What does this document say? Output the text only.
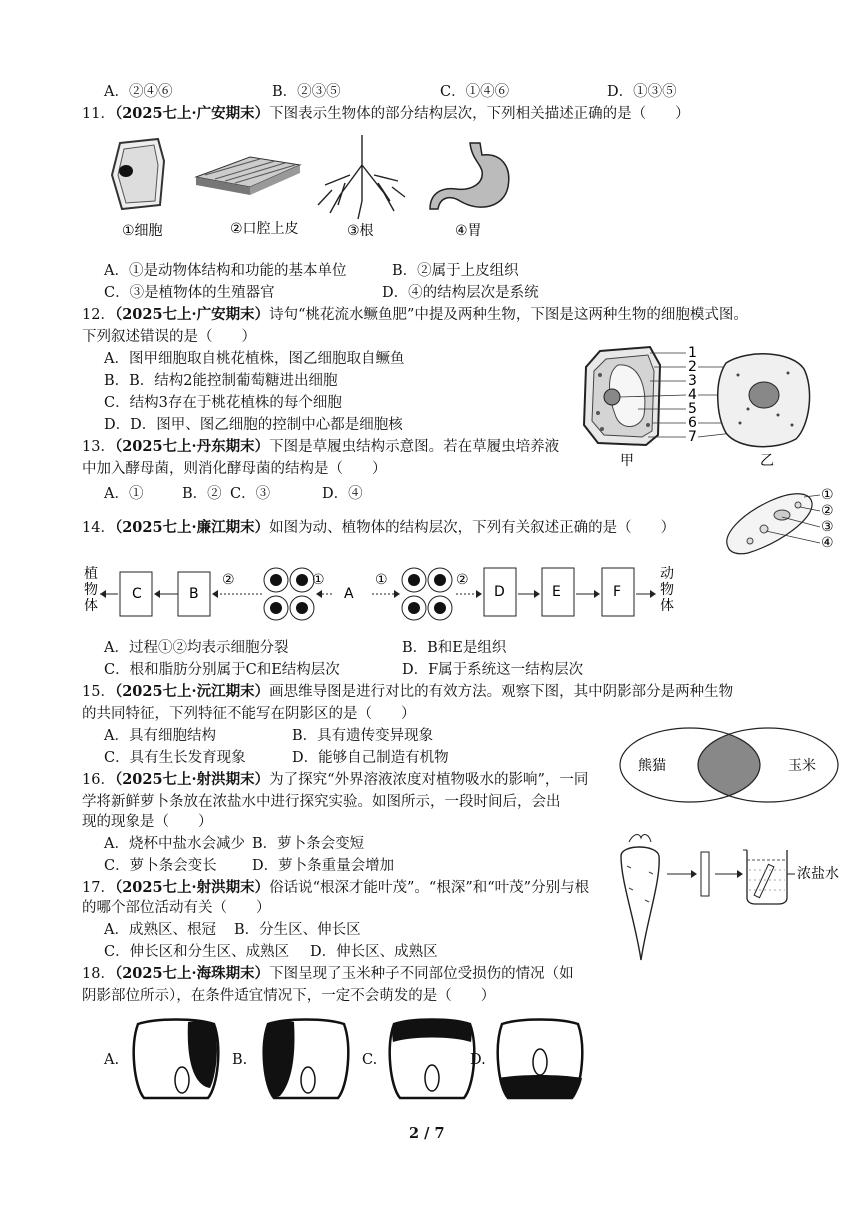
A．②④⑥	B．②③⑤	C．①④⑥	D．①③⑤
11．（2025七上·广安期末）下图表示生物体的部分结构层次，下列相关描述正确的是（　　）
①细胞	②口腔上皮	③根	④胃
A．①是动物体结构和功能的基本单位	B．②属于上皮组织
C．③是植物体的生殖器官	D．④的结构层次是系统
12．（2025七上·广安期末）诗句“桃花流水鳜鱼肥”中提及两种生物，下图是这两种生物的细胞模式图。
下列叙述错误的是（　　）
A．图甲细胞取自桃花植株，图乙细胞取自鳜鱼
B．B．结构2能控制葡萄糖进出细胞
C．结构3存在于桃花植株的每个细胞
D．D．图甲、图乙细胞的控制中心都是细胞核
1
2
3
4
5
6
7
甲	乙
13．（2025七上·丹东期末）下图是草履虫结构示意图。若在草履虫培养液
中加入酵母菌，则消化酵母菌的结构是（　　）
A．①	B．② C．③	D．④
14．（2025七上·廉江期末）如图为动、植物体的结构层次，下列有关叙述正确的是（　　）
①
②
③
④
植
物
体
C	B
②	①
A
①	②
D	E	F
动
物
体
A．过程①②均表示细胞分裂	B．B和E是组织
C．根和脂肪分别属于C和E结构层次	D．F属于系统这一结构层次
15．（2025七上·沅江期末）画思维导图是进行对比的有效方法。观察下图，其中阴影部分是两种生物
的共同特征，下列特征不能写在阴影区的是（　　）
A．具有细胞结构	B．具有遗传变异现象
C．具有生长发育现象	D．能够自己制造有机物	熊猫	玉米
16．（2025七上·射洪期末）为了探究“外界溶液浓度对植物吸水的影响”，一同
学将新鲜萝卜条放在浓盐水中进行探究实验。如图所示，一段时间后，会出
现的现象是（　　）
A．烧杯中盐水会减少 B．萝卜条会变短
C．萝卜条会变长 D．萝卜条重量会增加	浓盐水
17．（2025七上·射洪期末）俗话说“根深才能叶茂”。“根深”和“叶茂”分别与根
的哪个部位活动有关（　　）
A．成熟区、根冠 B．分生区、伸长区
C．伸长区和分生区、成熟区 D．伸长区、成熟区
18．（2025七上·海珠期末）下图呈现了玉米种子不同部位受损伤的情况（如
阴影部位所示），在条件适宜情况下，一定不会萌发的是（　　）
A.	B.	C.	D.
2 / 7
